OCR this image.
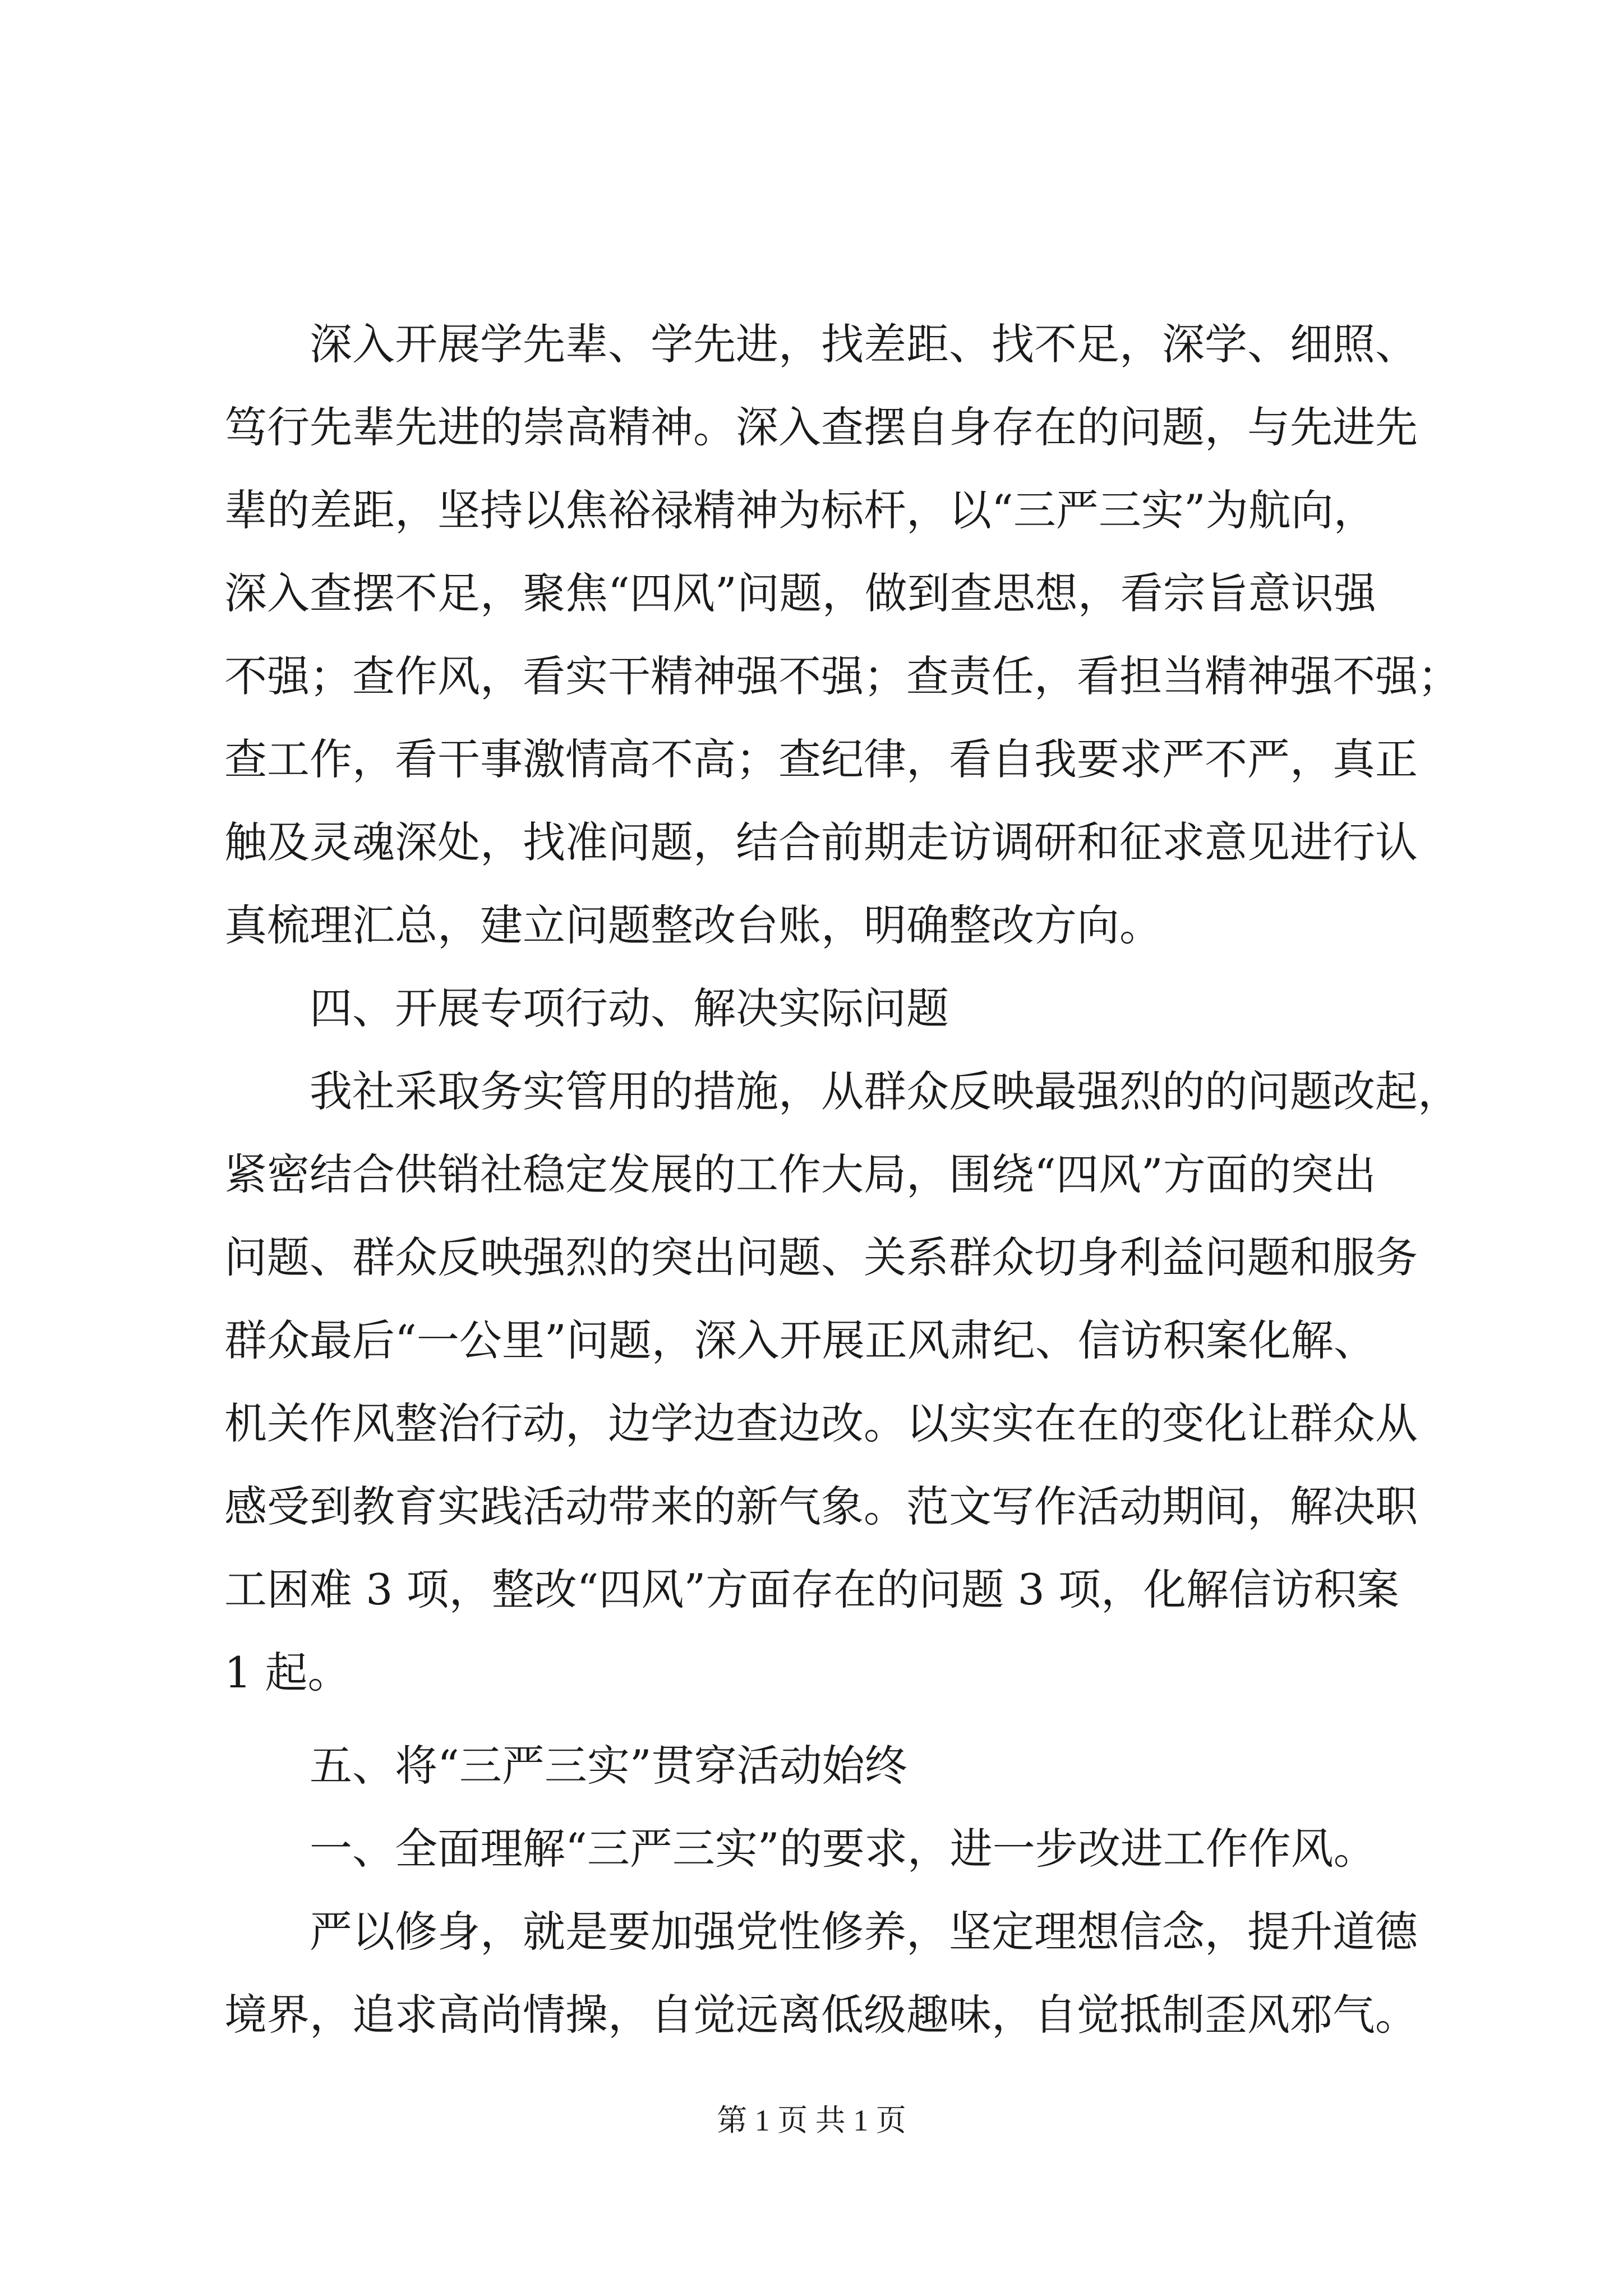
深入开展学先辈、学先进，找差距、找不足，深学、细照、
笃行先辈先进的崇高精神。深入查摆自身存在的问题，与先进先
辈的差距，坚持以焦裕禄精神为标杆，以“三严三实”为航向，
深入查摆不足，聚焦“四风”问题，做到查思想，看宗旨意识强
不强；查作风，看实干精神强不强；查责任，看担当精神强不强；
查工作，看干事激情高不高；查纪律，看自我要求严不严，真正
触及灵魂深处，找准问题，结合前期走访调研和征求意见进行认
真梳理汇总，建立问题整改台账，明确整改方向。
四、开展专项行动、解决实际问题
我社采取务实管用的措施，从群众反映最强烈的的问题改起，
紧密结合供销社稳定发展的工作大局，围绕“四风”方面的突出
问题、群众反映强烈的突出问题、关系群众切身利益问题和服务
群众最后“一公里”问题，深入开展正风肃纪、信访积案化解、
机关作风整治行动，边学边查边改。以实实在在的变化让群众从
感受到教育实践活动带来的新气象。范文写作活动期间，解决职
工困难 3 项，整改“四风”方面存在的问题 3 项，化解信访积案
1 起。
五、将“三严三实”贯穿活动始终
一、全面理解“三严三实”的要求，进一步改进工作作风。
严以修身，就是要加强党性修养，坚定理想信念，提升道德
境界，追求高尚情操，自觉远离低级趣味，自觉抵制歪风邪气。
第 1 页 共 1 页
